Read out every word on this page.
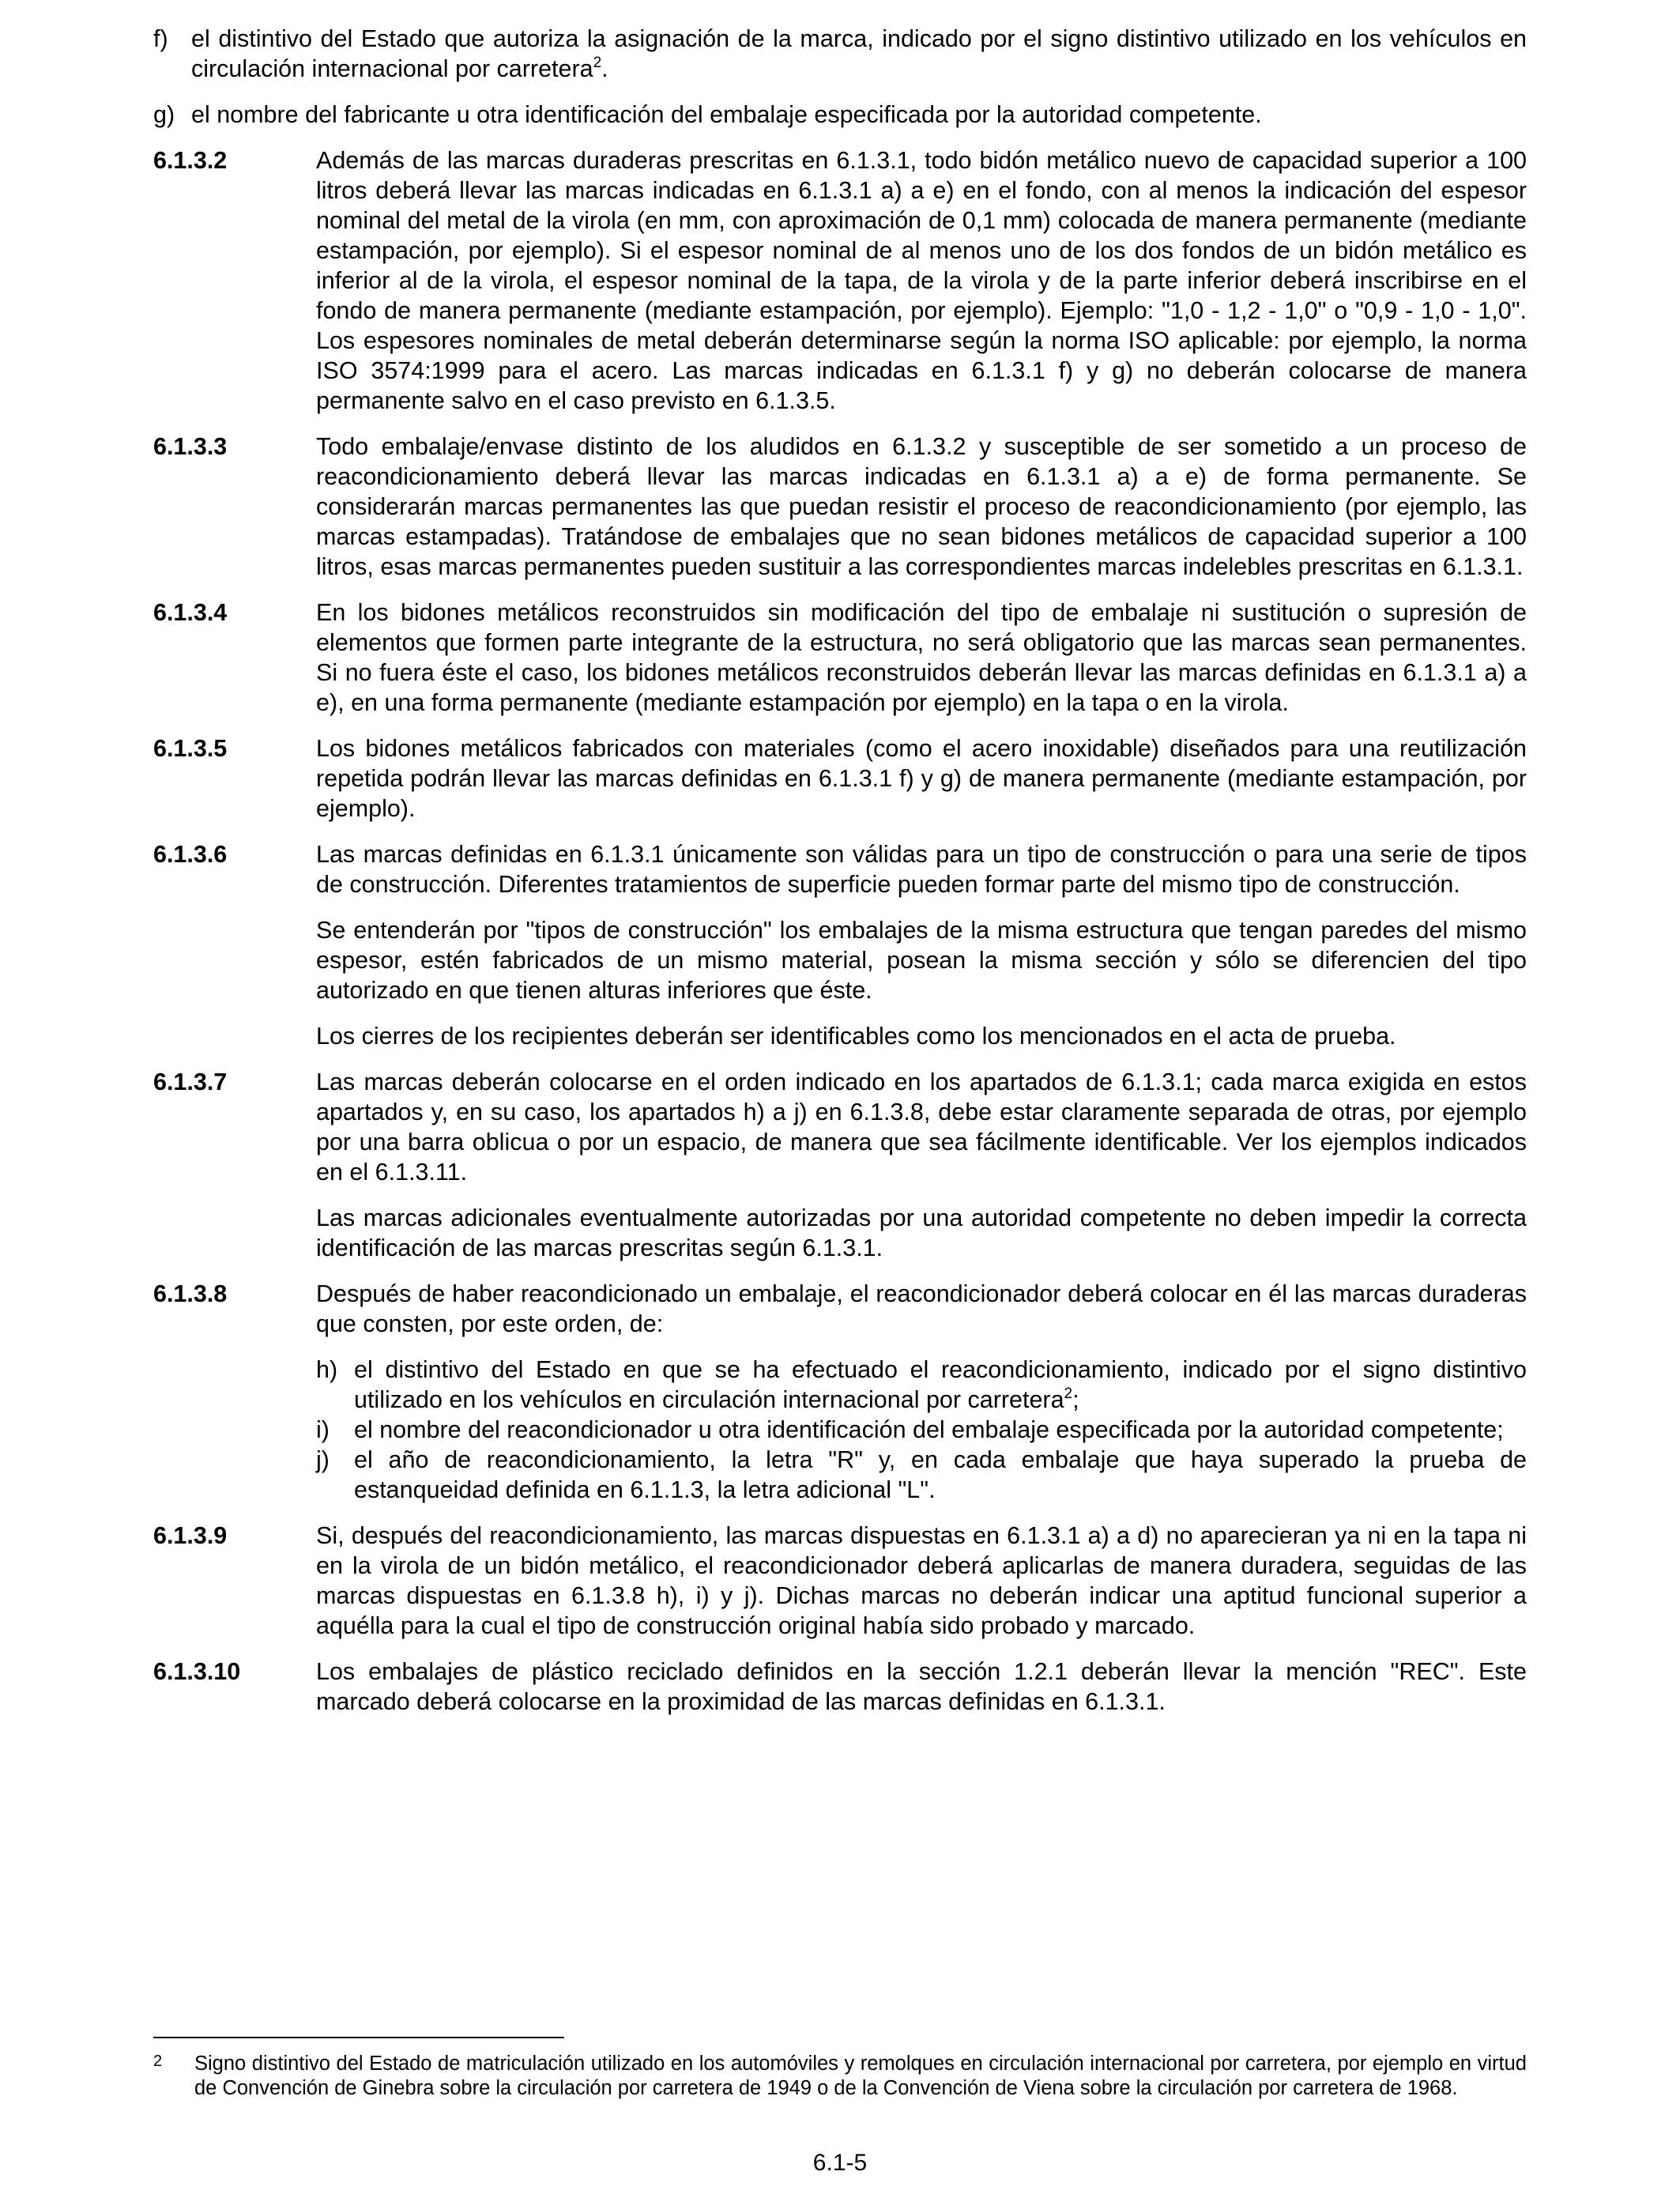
f) el distintivo del Estado que autoriza la asignación de la marca, indicado por el signo distintivo utilizado en los vehículos en circulación internacional por carretera$^2$.
g) el nombre del fabricante u otra identificación del embalaje especificada por la autoridad competente.
6.1.3.2	Además de las marcas duraderas prescritas en 6.1.3.1, todo bidón metálico nuevo de capacidad superior a 100 litros deberá llevar las marcas indicadas en 6.1.3.1 a) a e) en el fondo, con al menos la indicación del espesor nominal del metal de la virola (en mm, con aproximación de 0,1 mm) colocada de manera permanente (mediante estampación, por ejemplo). Si el espesor nominal de al menos uno de los dos fondos de un bidón metálico es inferior al de la virola, el espesor nominal de la tapa, de la virola y de la parte inferior deberá inscribirse en el fondo de manera permanente (mediante estampación, por ejemplo). Ejemplo: "1,0 - 1,2 - 1,0" o "0,9 - 1,0 - 1,0". Los espesores nominales de metal deberán determinarse según la norma ISO aplicable: por ejemplo, la norma ISO 3574:1999 para el acero. Las marcas indicadas en 6.1.3.1 f) y g) no deberán colocarse de manera permanente salvo en el caso previsto en 6.1.3.5.

6.1.3.3	Todo embalaje/envase distinto de los aludidos en 6.1.3.2 y susceptible de ser sometido a un proceso de reacondicionamiento deberá llevar las marcas indicadas en 6.1.3.1 a) a e) de forma permanente. Se considerarán marcas permanentes las que puedan resistir el proceso de reacondicionamiento (por ejemplo, las marcas estampadas). Tratándose de embalajes que no sean bidones metálicos de capacidad superior a 100 litros, esas marcas permanentes pueden sustituir a las correspondientes marcas indelebles prescritas en 6.1.3.1.

6.1.3.4	En los bidones metálicos reconstruidos sin modificación del tipo de embalaje ni sustitución o supresión de elementos que formen parte integrante de la estructura, no será obligatorio que las marcas sean permanentes. Si no fuera éste el caso, los bidones metálicos reconstruidos deberán llevar las marcas definidas en 6.1.3.1 a) a e), en una forma permanente (mediante estampación por ejemplo) en la tapa o en la virola.

6.1.3.5	Los bidones metálicos fabricados con materiales (como el acero inoxidable) diseñados para una reutilización repetida podrán llevar las marcas definidas en 6.1.3.1 f) y g) de manera permanente (mediante estampación, por ejemplo).

6.1.3.6	Las marcas definidas en 6.1.3.1 únicamente son válidas para un tipo de construcción o para una serie de tipos de construcción. Diferentes tratamientos de superficie pueden formar parte del mismo tipo de construcción.

Se entenderán por "tipos de construcción" los embalajes de la misma estructura que tengan paredes del mismo espesor, estén fabricados de un mismo material, posean la misma sección y sólo se diferencien del tipo autorizado en que tienen alturas inferiores que éste.

Los cierres de los recipientes deberán ser identificables como los mencionados en el acta de prueba.

6.1.3.7	Las marcas deberán colocarse en el orden indicado en los apartados de 6.1.3.1; cada marca exigida en estos apartados y, en su caso, los apartados h) a j) en 6.1.3.8, debe estar claramente separada de otras, por ejemplo por una barra oblicua o por un espacio, de manera que sea fácilmente identificable. Ver los ejemplos indicados en el 6.1.3.11.

Las marcas adicionales eventualmente autorizadas por una autoridad competente no deben impedir la correcta identificación de las marcas prescritas según 6.1.3.1.

6.1.3.8	Después de haber reacondicionado un embalaje, el reacondicionador deberá colocar en él las marcas duraderas que consten, por este orden, de:

h) el distintivo del Estado en que se ha efectuado el reacondicionamiento, indicado por el signo distintivo utilizado en los vehículos en circulación internacional por carretera$^2$;
i) el nombre del reacondicionador u otra identificación del embalaje especificada por la autoridad competente;
j) el año de reacondicionamiento, la letra "R" y, en cada embalaje que haya superado la prueba de estanqueidad definida en 6.1.1.3, la letra adicional "L".
6.1.3.9	Si, después del reacondicionamiento, las marcas dispuestas en 6.1.3.1 a) a d) no aparecieran ya ni en la tapa ni en la virola de un bidón metálico, el reacondicionador deberá aplicarlas de manera duradera, seguidas de las marcas dispuestas en 6.1.3.8 h), i) y j). Dichas marcas no deberán indicar una aptitud funcional superior a aquélla para la cual el tipo de construcción original había sido probado y marcado.

6.1.3.10	Los embalajes de plástico reciclado definidos en la sección 1.2.1 deberán llevar la mención "REC". Este marcado deberá colocarse en la proximidad de las marcas definidas en 6.1.3.1.

2 Signo distintivo del Estado de matriculación utilizado en los automóviles y remolques en circulación internacional por carretera, por ejemplo en virtud de Convención de Ginebra sobre la circulación por carretera de 1949 o de la Convención de Viena sobre la circulación por carretera de 1968.
6.1-5
